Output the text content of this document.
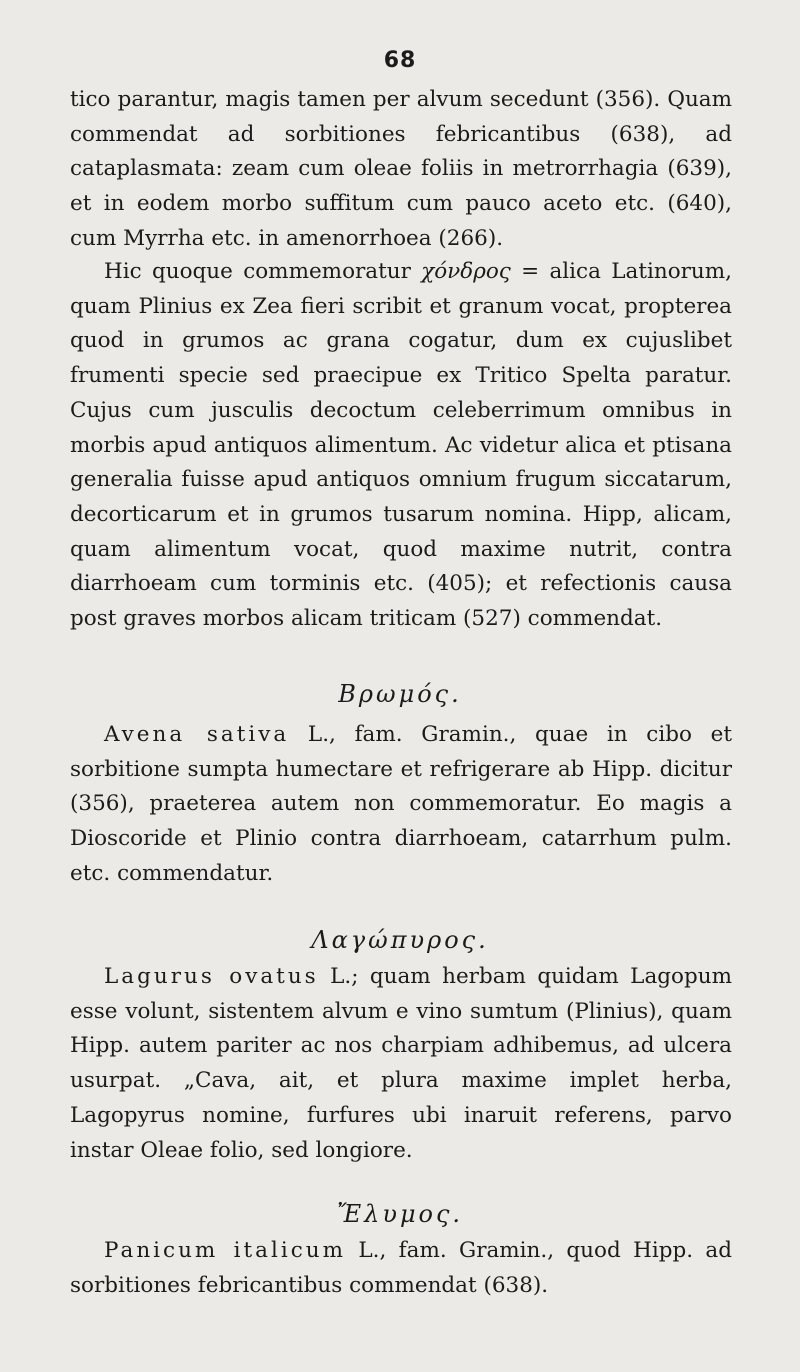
68

tico parantur, magis tamen per alvum secedunt (356). Quam commendat ad sorbitiones febricantibus (638), ad cataplasmata: zeam cum oleae foliis in metrorrhagia (639), et in eodem morbo suffitum cum pauco aceto etc. (640), cum Myrrha etc. in amenorrhoea (266).

Hic quoque commemoratur χόνδρος = alica Latinorum, quam Plinius ex Zea fieri scribit et granum vocat, propterea quod in grumos ac grana cogatur, dum ex cujuslibet frumenti specie sed praecipue ex Tritico Spelta paratur. Cujus cum jusculis decoctum celeberrimum omnibus in morbis apud antiquos alimentum. Ac videtur alica et ptisana generalia fuisse apud antiquos omnium frugum siccatarum, decorticarum et in grumos tusarum nomina. Hipp, alicam, quam alimentum vocat, quod maxime nutrit, contra diarrhoeam cum torminis etc. (405); et refectionis causa post graves morbos alicam triticam (527) commendat.

Βρωμός.

Avena sativa L., fam. Gramin., quae in cibo et sorbitione sumpta humectare et refrigerare ab Hipp. dicitur (356), praeterea autem non commemoratur. Eo magis a Dioscoride et Plinio contra diarrhoeam, catarrhum pulm. etc. commendatur.

Λαγώπυρος.

Lagurus ovatus L.; quam herbam quidam Lagopum esse volunt, sistentem alvum e vino sumtum (Plinius), quam Hipp. autem pariter ac nos charpiam adhibemus, ad ulcera usurpat. „Cava, ait, et plura maxime implet herba, Lagopyrus nomine, furfures ubi inaruit referens, parvo instar Oleae folio, sed longiore.

Ἔλυμος.

Panicum italicum L., fam. Gramin., quod Hipp. ad sorbitiones febricantibus commendat (638).
